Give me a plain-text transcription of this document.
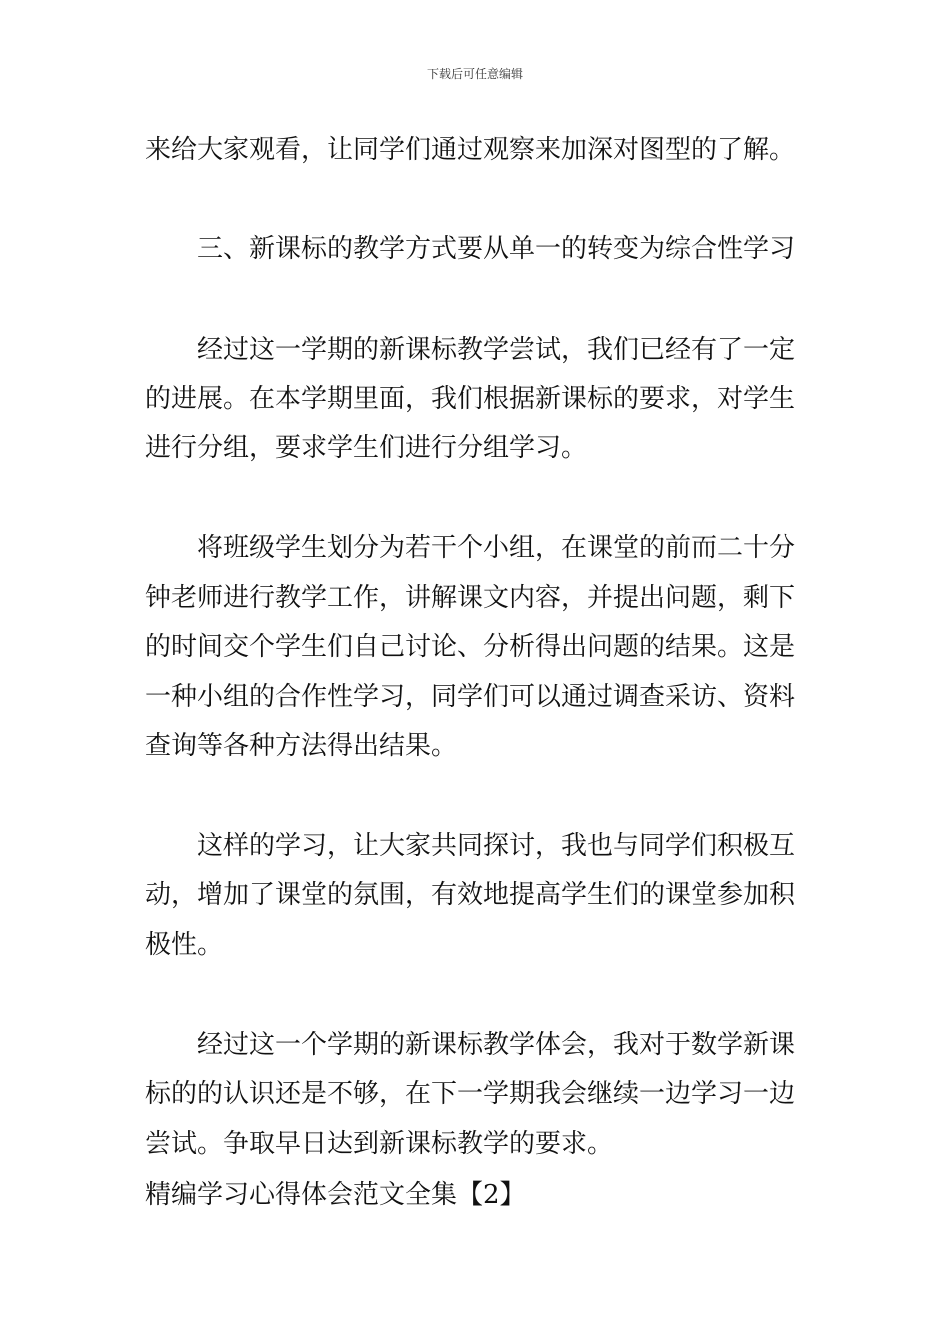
下载后可任意编辑
来给大家观看，让同学们通过观察来加深对图型的了解。
三、新课标的教学方式要从单一的转变为综合性学习
经过这一学期的新课标教学尝试，我们已经有了一定
的进展。在本学期里面，我们根据新课标的要求，对学生
进行分组，要求学生们进行分组学习。
将班级学生划分为若干个小组，在课堂的前而二十分
钟老师进行教学工作，讲解课文内容，并提出问题，剩下
的时间交个学生们自己讨论、分析得出问题的结果。这是
一种小组的合作性学习，同学们可以通过调查采访、资料
查询等各种方法得出结果。
这样的学习，让大家共同探讨，我也与同学们积极互
动，增加了课堂的氛围，有效地提高学生们的课堂参加积
极性。
经过这一个学期的新课标教学体会，我对于数学新课
标的的认识还是不够，在下一学期我会继续一边学习一边
尝试。争取早日达到新课标教学的要求。
精编学习心得体会范文全集【2】
